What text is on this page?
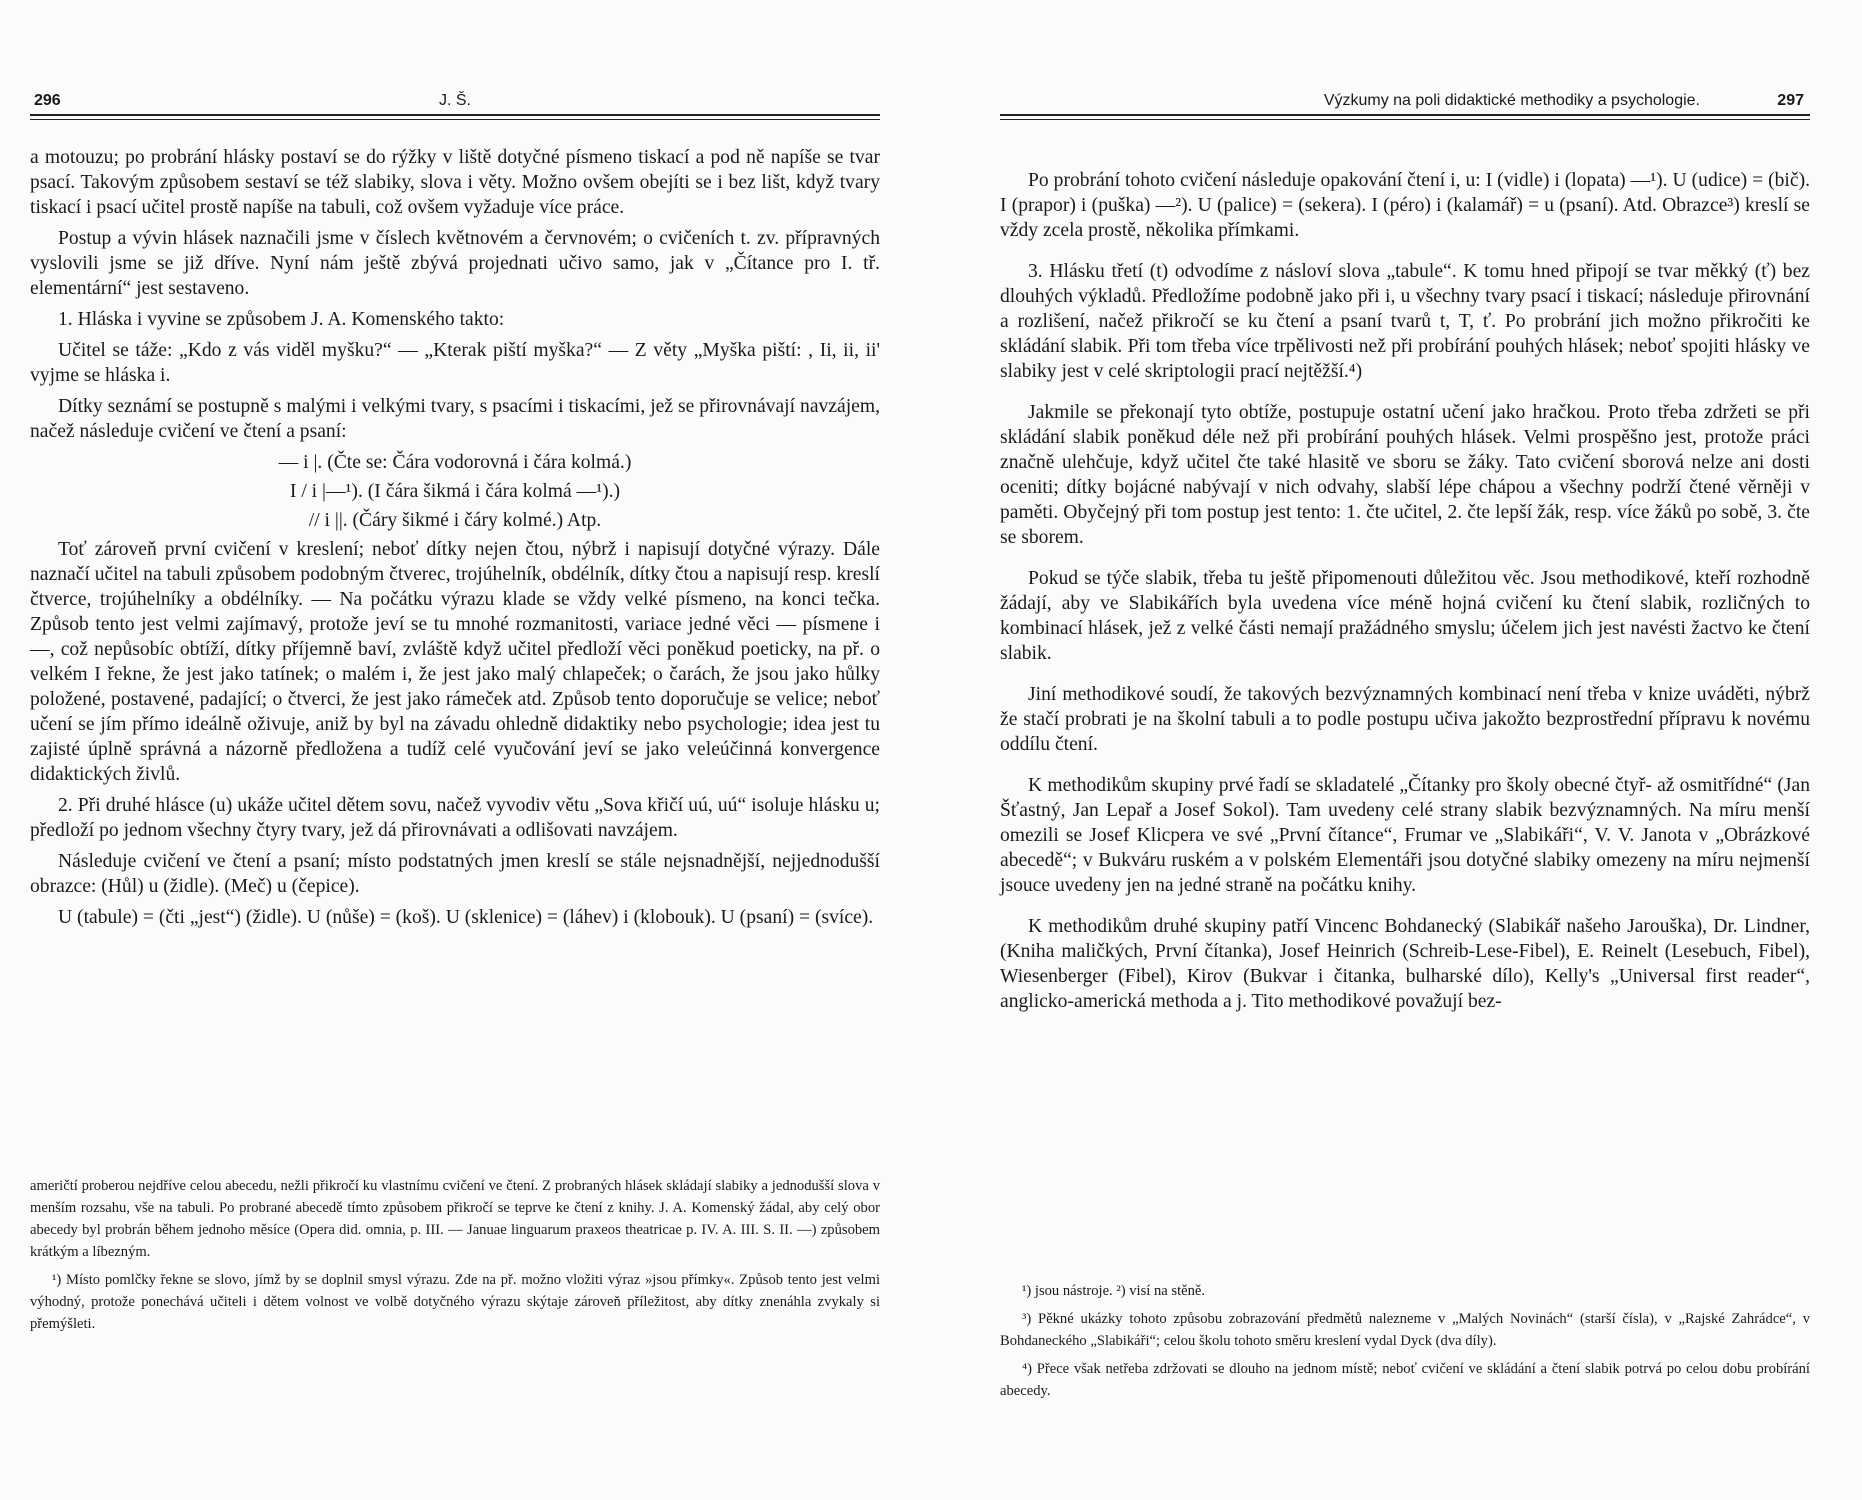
296	J. Š.

a motouzu; po probrání hlásky postaví se do rýžky v liště dotyčné písmeno tiskací a pod ně napíše se tvar psací. Takovým způsobem sestaví se též slabiky, slova i věty. Možno ovšem obejíti se i bez lišt, když tvary tiskací i psací učitel prostě napíše na tabuli, což ovšem vyžaduje více práce.

Postup a vývin hlásek naznačili jsme v číslech květnovém a červnovém; o cvičeních t. zv. přípravných vyslovili jsme se již dříve. Nyní nám ještě zbývá projednati učivo samo, jak v „Čítance pro I. tř. elementární“ jest sestaveno.

1. Hláska i vyvine se způsobem J. A. Komenského takto:

Učitel se táže: „Kdo z vás viděl myšku?“ — „Kterak piští myška?“ — Z věty „Myška piští: , Ii, ii, ii' vyjme se hláska i.

Dítky seznámí se postupně s malými i velkými tvary, s psacími i tiskacími, jež se přirovnávají navzájem, načež následuje cvičení ve čtení a psaní:

— i |. (Čte se: Čára vodorovná i čára kolmá.)
I / i |—¹). (I čára šikmá i čára kolmá —¹).)
// i ||. (Čáry šikmé i čáry kolmé.) Atp.

Toť zároveň první cvičení v kreslení; neboť dítky nejen čtou, nýbrž i napisují dotyčné výrazy. Dále naznačí učitel na tabuli způsobem podobným čtverec, trojúhelník, obdélník, dítky čtou a napisují resp. kreslí čtverce, trojúhelníky a obdélníky. — Na počátku výrazu klade se vždy velké písmeno, na konci tečka. Způsob tento jest velmi zajímavý, protože jeví se tu mnohé rozmanitosti, variace jedné věci — písmene i —, což nepůsobíc obtíží, dítky příjemně baví, zvláště když učitel předloží věci poněkud poeticky, na př. o velkém I řekne, že jest jako tatínek; o malém i, že jest jako malý chlapeček; o čarách, že jsou jako hůlky položené, postavené, padající; o čtverci, že jest jako rámeček atd. Způsob tento doporučuje se velice; neboť učení se jím přímo ideálně oživuje, aniž by byl na závadu ohledně didaktiky nebo psychologie; idea jest tu zajisté úplně správná a názorně předložena a tudíž celé vyučování jeví se jako veleúčinná konvergence didaktických živlů.

2. Při druhé hlásce (u) ukáže učitel dětem sovu, načež vyvodiv větu „Sova křičí uú, uú“ isoluje hlásku u; předloží po jednom všechny čtyry tvary, jež dá přirovnávati a odlišovati navzájem.

Následuje cvičení ve čtení a psaní; místo podstatných jmen kreslí se stále nejsnadnější, nejjednodušší obrazce: (Hůl) u (židle). (Meč) u (čepice).

U (tabule) = (čti „jest“) (židle). U (nůše) = (koš). U (sklenice) = (láhev) i (klobouk). U (psaní) = (svíce).

američtí proberou nejdříve celou abecedu, nežli přikročí ku vlastnímu cvičení ve čtení. Z probraných hlásek skládají slabiky a jednodušší slova v menším rozsahu, vše na tabuli. Po probrané abecedě tímto způsobem přikročí se teprve ke čtení z knihy. J. A. Komenský žádal, aby celý obor abecedy byl probrán během jednoho měsíce (Opera did. omnia, p. III. — Januae linguarum praxeos theatricae p. IV. A. III. S. II. —) způsobem krátkým a líbezným.

¹) Místo pomlčky řekne se slovo, jímž by se doplnil smysl výrazu. Zde na př. možno vložiti výraz »jsou přímky«. Způsob tento jest velmi výhodný, protože ponechává učiteli i dětem volnost ve volbě dotyčného výrazu skýtaje zároveň příležitost, aby dítky znenáhla zvykaly si přemýšleti.

Výzkumy na poli didaktické methodiky a psychologie.	297

Po probrání tohoto cvičení následuje opakování čtení i, u: I (vidle) i (lopata) —¹). U (udice) = (bič). I (prapor) i (puška) —²). U (palice) = (sekera). I (péro) i (kalamář) = u (psaní). Atd. Obrazce³) kreslí se vždy zcela prostě, několika přímkami.

3. Hlásku třetí (t) odvodíme z násloví slova „tabule“. K tomu hned připojí se tvar měkký (ť) bez dlouhých výkladů. Předložíme podobně jako při i, u všechny tvary psací i tiskací; následuje přirovnání a rozlišení, načež přikročí se ku čtení a psaní tvarů t, T, ť. Po probrání jich možno přikročiti ke skládání slabik. Při tom třeba více trpělivosti než při probírání pouhých hlásek; neboť spojiti hlásky ve slabiky jest v celé skriptologii prací nejtěžší.⁴)

Jakmile se překonají tyto obtíže, postupuje ostatní učení jako hračkou. Proto třeba zdržeti se při skládání slabik poněkud déle než při probírání pouhých hlásek. Velmi prospěšno jest, protože práci značně ulehčuje, když učitel čte také hlasitě ve sboru se žáky. Tato cvičení sborová nelze ani dosti oceniti; dítky bojácné nabývají v nich odvahy, slabší lépe chápou a všechny podrží čtené věrněji v paměti. Obyčejný při tom postup jest tento: 1. čte učitel, 2. čte lepší žák, resp. více žáků po sobě, 3. čte se sborem.

Pokud se týče slabik, třeba tu ještě připomenouti důležitou věc. Jsou methodikové, kteří rozhodně žádají, aby ve Slabikářích byla uvedena více méně hojná cvičení ku čtení slabik, rozličných to kombinací hlásek, jež z velké části nemají pražádného smyslu; účelem jich jest navésti žactvo ke čtení slabik.

Jiní methodikové soudí, že takových bezvýznamných kombinací není třeba v knize uváděti, nýbrž že stačí probrati je na školní tabuli a to podle postupu učiva jakožto bezprostřední přípravu k novému oddílu čtení.

K methodikům skupiny prvé řadí se skladatelé „Čítanky pro školy obecné čtyř- až osmitřídné“ (Jan Šťastný, Jan Lepař a Josef Sokol). Tam uvedeny celé strany slabik bezvýznamných. Na míru menší omezili se Josef Klicpera ve své „První čítance“, Frumar ve „Slabikáři“, V. V. Janota v „Obrázkové abecedě“; v Bukváru ruském a v polském Elementáři jsou dotyčné slabiky omezeny na míru nejmenší jsouce uvedeny jen na jedné straně na počátku knihy.

K methodikům druhé skupiny patří Vincenc Bohdanecký (Slabikář našeho Jarouška), Dr. Lindner, (Kniha maličkých, První čítanka), Josef Heinrich (Schreib-Lese-Fibel), E. Reinelt (Lesebuch, Fibel), Wiesenberger (Fibel), Kirov (Bukvar i čitanka, bulharské dílo), Kelly's „Universal first reader“, anglicko-americká methoda a j. Tito methodikové považují bez-

¹) jsou nástroje. ²) visí na stěně.

³) Pěkné ukázky tohoto způsobu zobrazování předmětů nalezneme v „Malých Novinách“ (starší čísla), v „Rajské Zahrádce“, v Bohdaneckého „Slabikáři“; celou školu tohoto směru kreslení vydal Dyck (dva díly).

⁴) Přece však netřeba zdržovati se dlouho na jednom místě; neboť cvičení ve skládání a čtení slabik potrvá po celou dobu probírání abecedy.
